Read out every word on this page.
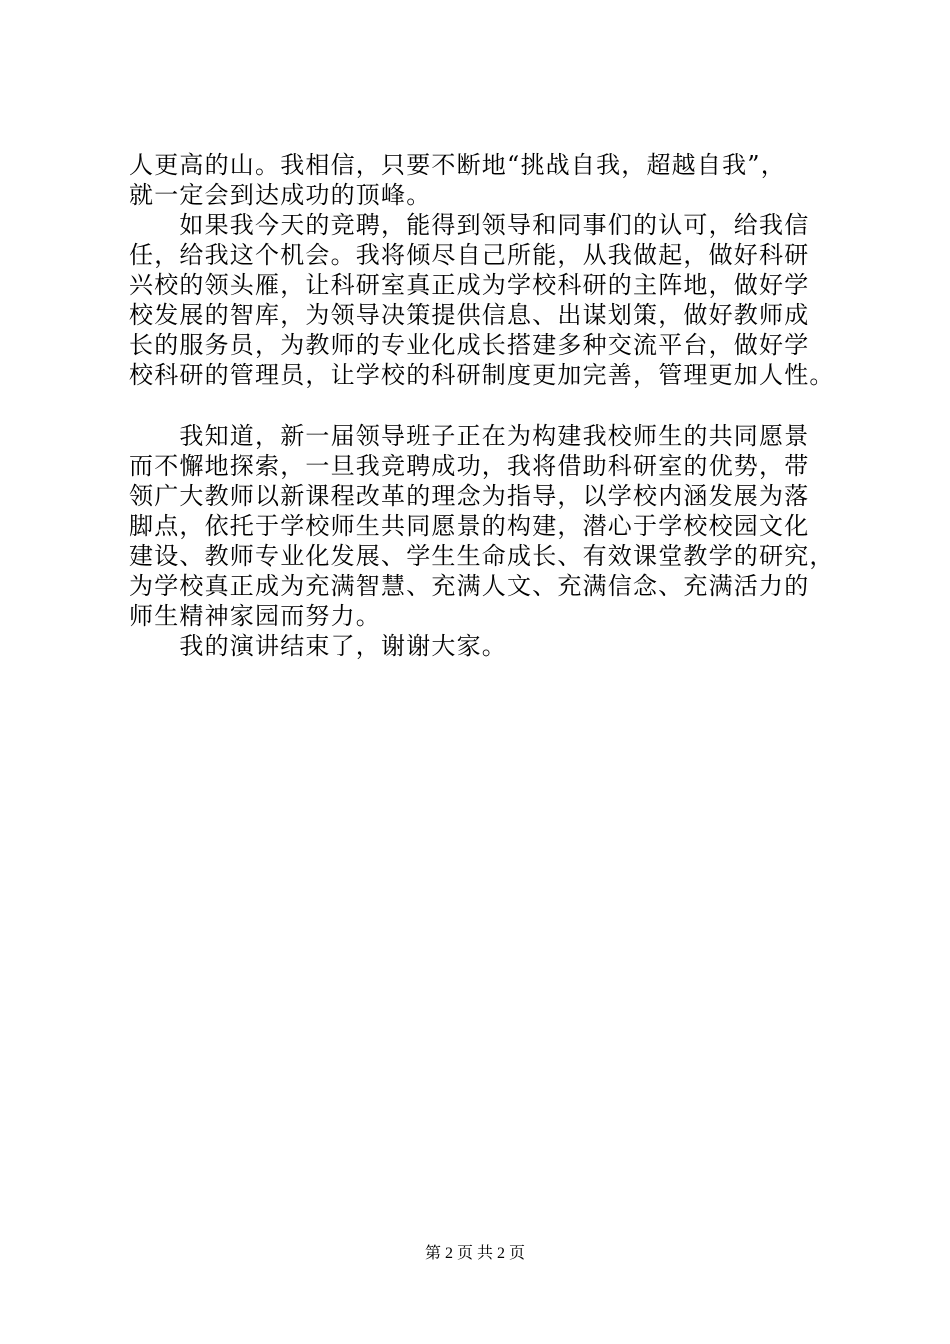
人更高的山。我相信，只要不断地“挑战自我，超越自我”，
就一定会到达成功的顶峰。
　　如果我今天的竞聘，能得到领导和同事们的认可，给我信
任，给我这个机会。我将倾尽自己所能，从我做起，做好科研
兴校的领头雁，让科研室真正成为学校科研的主阵地，做好学
校发展的智库，为领导决策提供信息、出谋划策，做好教师成
长的服务员，为教师的专业化成长搭建多种交流平台，做好学
校科研的管理员，让学校的科研制度更加完善，管理更加人性。
　　我知道，新一届领导班子正在为构建我校师生的共同愿景
而不懈地探索，一旦我竞聘成功，我将借助科研室的优势，带
领广大教师以新课程改革的理念为指导，以学校内涵发展为落
脚点，依托于学校师生共同愿景的构建，潜心于学校校园文化
建设、教师专业化发展、学生生命成长、有效课堂教学的研究，
为学校真正成为充满智慧、充满人文、充满信念、充满活力的
师生精神家园而努力。
　　我的演讲结束了，谢谢大家。
第 2 页 共 2 页
